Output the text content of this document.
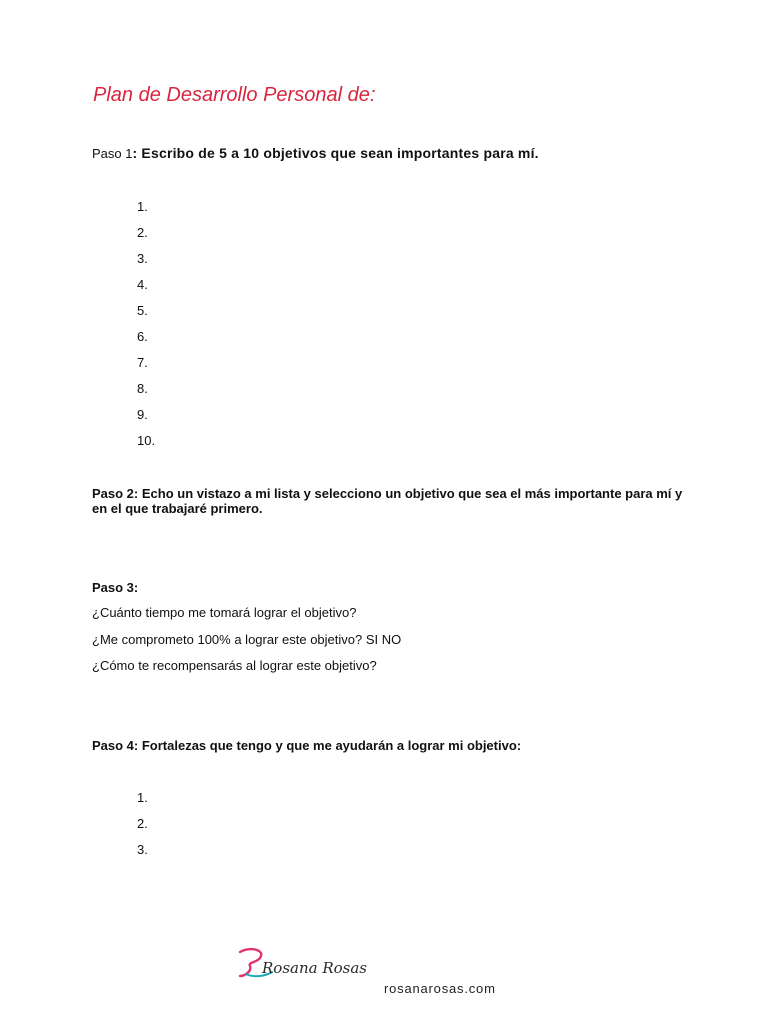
Plan de Desarrollo Personal de:
Paso 1: Escribo de 5 a 10 objetivos que sean importantes para mí.
1.
2.
3.
4.
5.
6.
7.
8.
9.
10.
Paso 2: Echo un vistazo a mi lista y selecciono un objetivo que sea el más importante para mí y en el que trabajaré primero.
Paso 3:
¿Cuánto tiempo me tomará lograr el objetivo?
¿Me comprometo 100% a lograr este objetivo? SI NO
¿Cómo te recompensarás al lograr este objetivo?
Paso 4: Fortalezas que tengo y que me ayudarán a lograr mi objetivo:
1.
2.
3.
Rosana Rosas
rosanarosas.com
